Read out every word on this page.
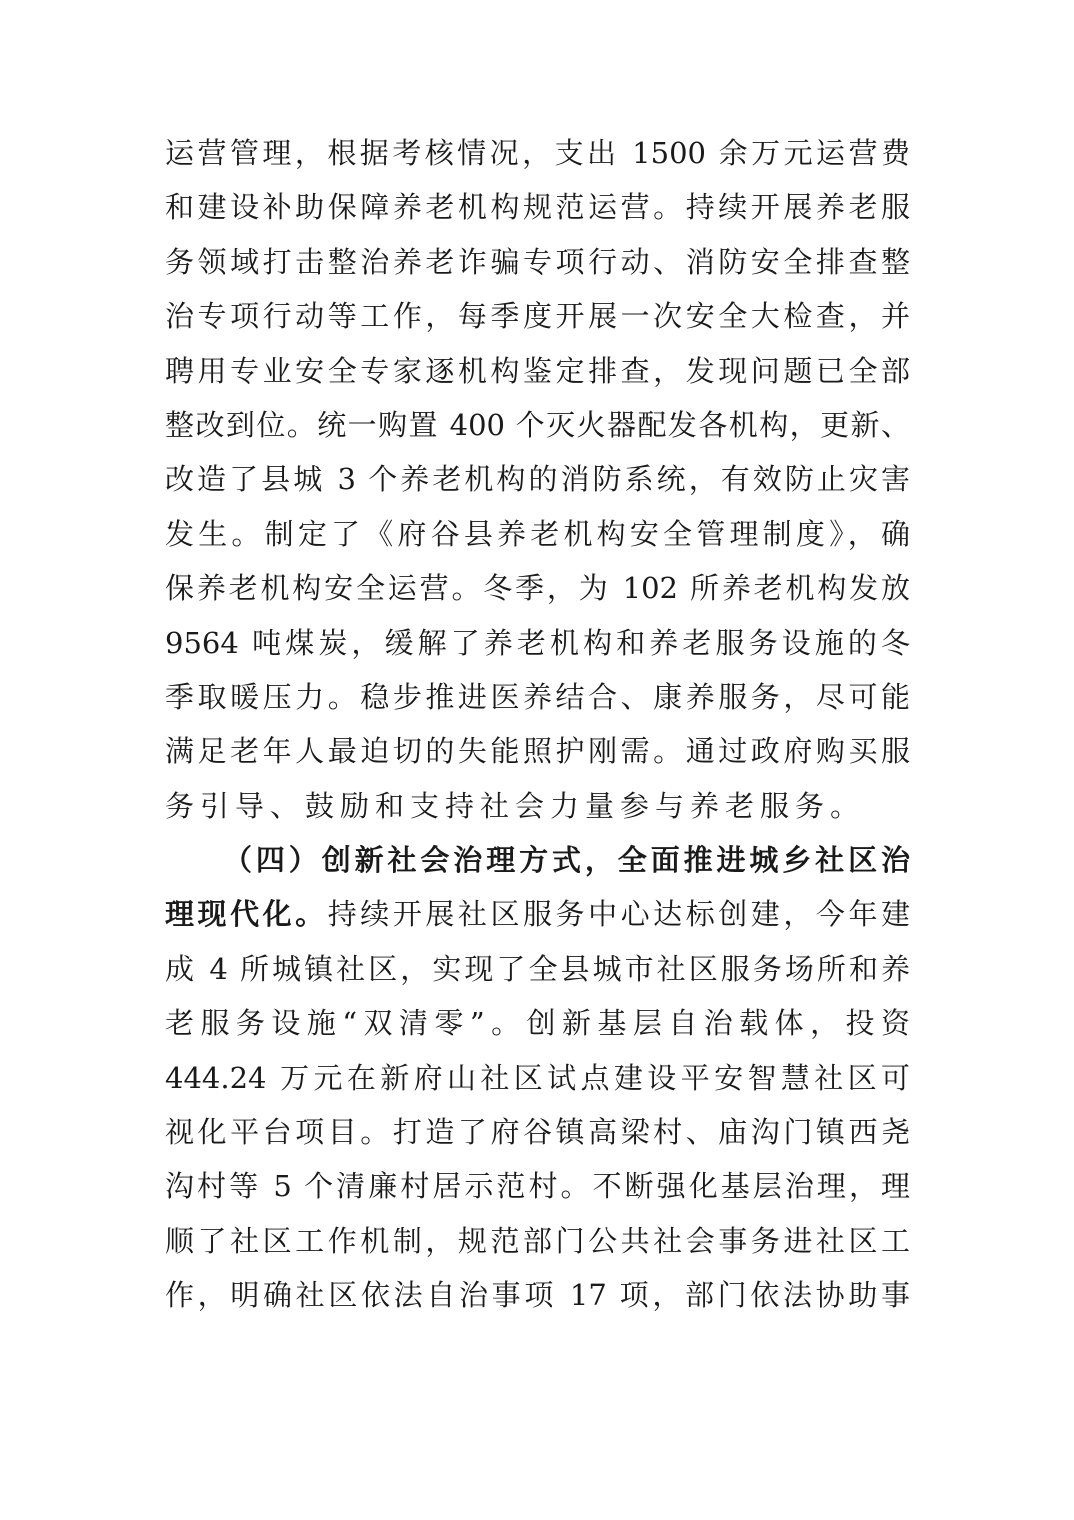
运营管理，根据考核情况，支出 1500 余万元运营费
和建设补助保障养老机构规范运营。持续开展养老服
务领域打击整治养老诈骗专项行动、消防安全排查整
治专项行动等工作，每季度开展一次安全大检查，并
聘用专业安全专家逐机构鉴定排查，发现问题已全部
整改到位。统一购置 400 个灭火器配发各机构，更新、
改造了县城 3 个养老机构的消防系统，有效防止灾害
发生。制定了《府谷县养老机构安全管理制度》，确
保养老机构安全运营。冬季，为 102 所养老机构发放
9564 吨煤炭，缓解了养老机构和养老服务设施的冬
季取暖压力。稳步推进医养结合、康养服务，尽可能
满足老年人最迫切的失能照护刚需。通过政府购买服
务引导、鼓励和支持社会力量参与养老服务。
（四）创新社会治理方式，全面推进城乡社区治
理现代化。持续开展社区服务中心达标创建，今年建
成 4 所城镇社区，实现了全县城市社区服务场所和养
老服务设施“双清零”。创新基层自治载体，投资
444.24 万元在新府山社区试点建设平安智慧社区可
视化平台项目。打造了府谷镇高梁村、庙沟门镇西尧
沟村等 5 个清廉村居示范村。不断强化基层治理，理
顺了社区工作机制，规范部门公共社会事务进社区工
作，明确社区依法自治事项 17 项，部门依法协助事
